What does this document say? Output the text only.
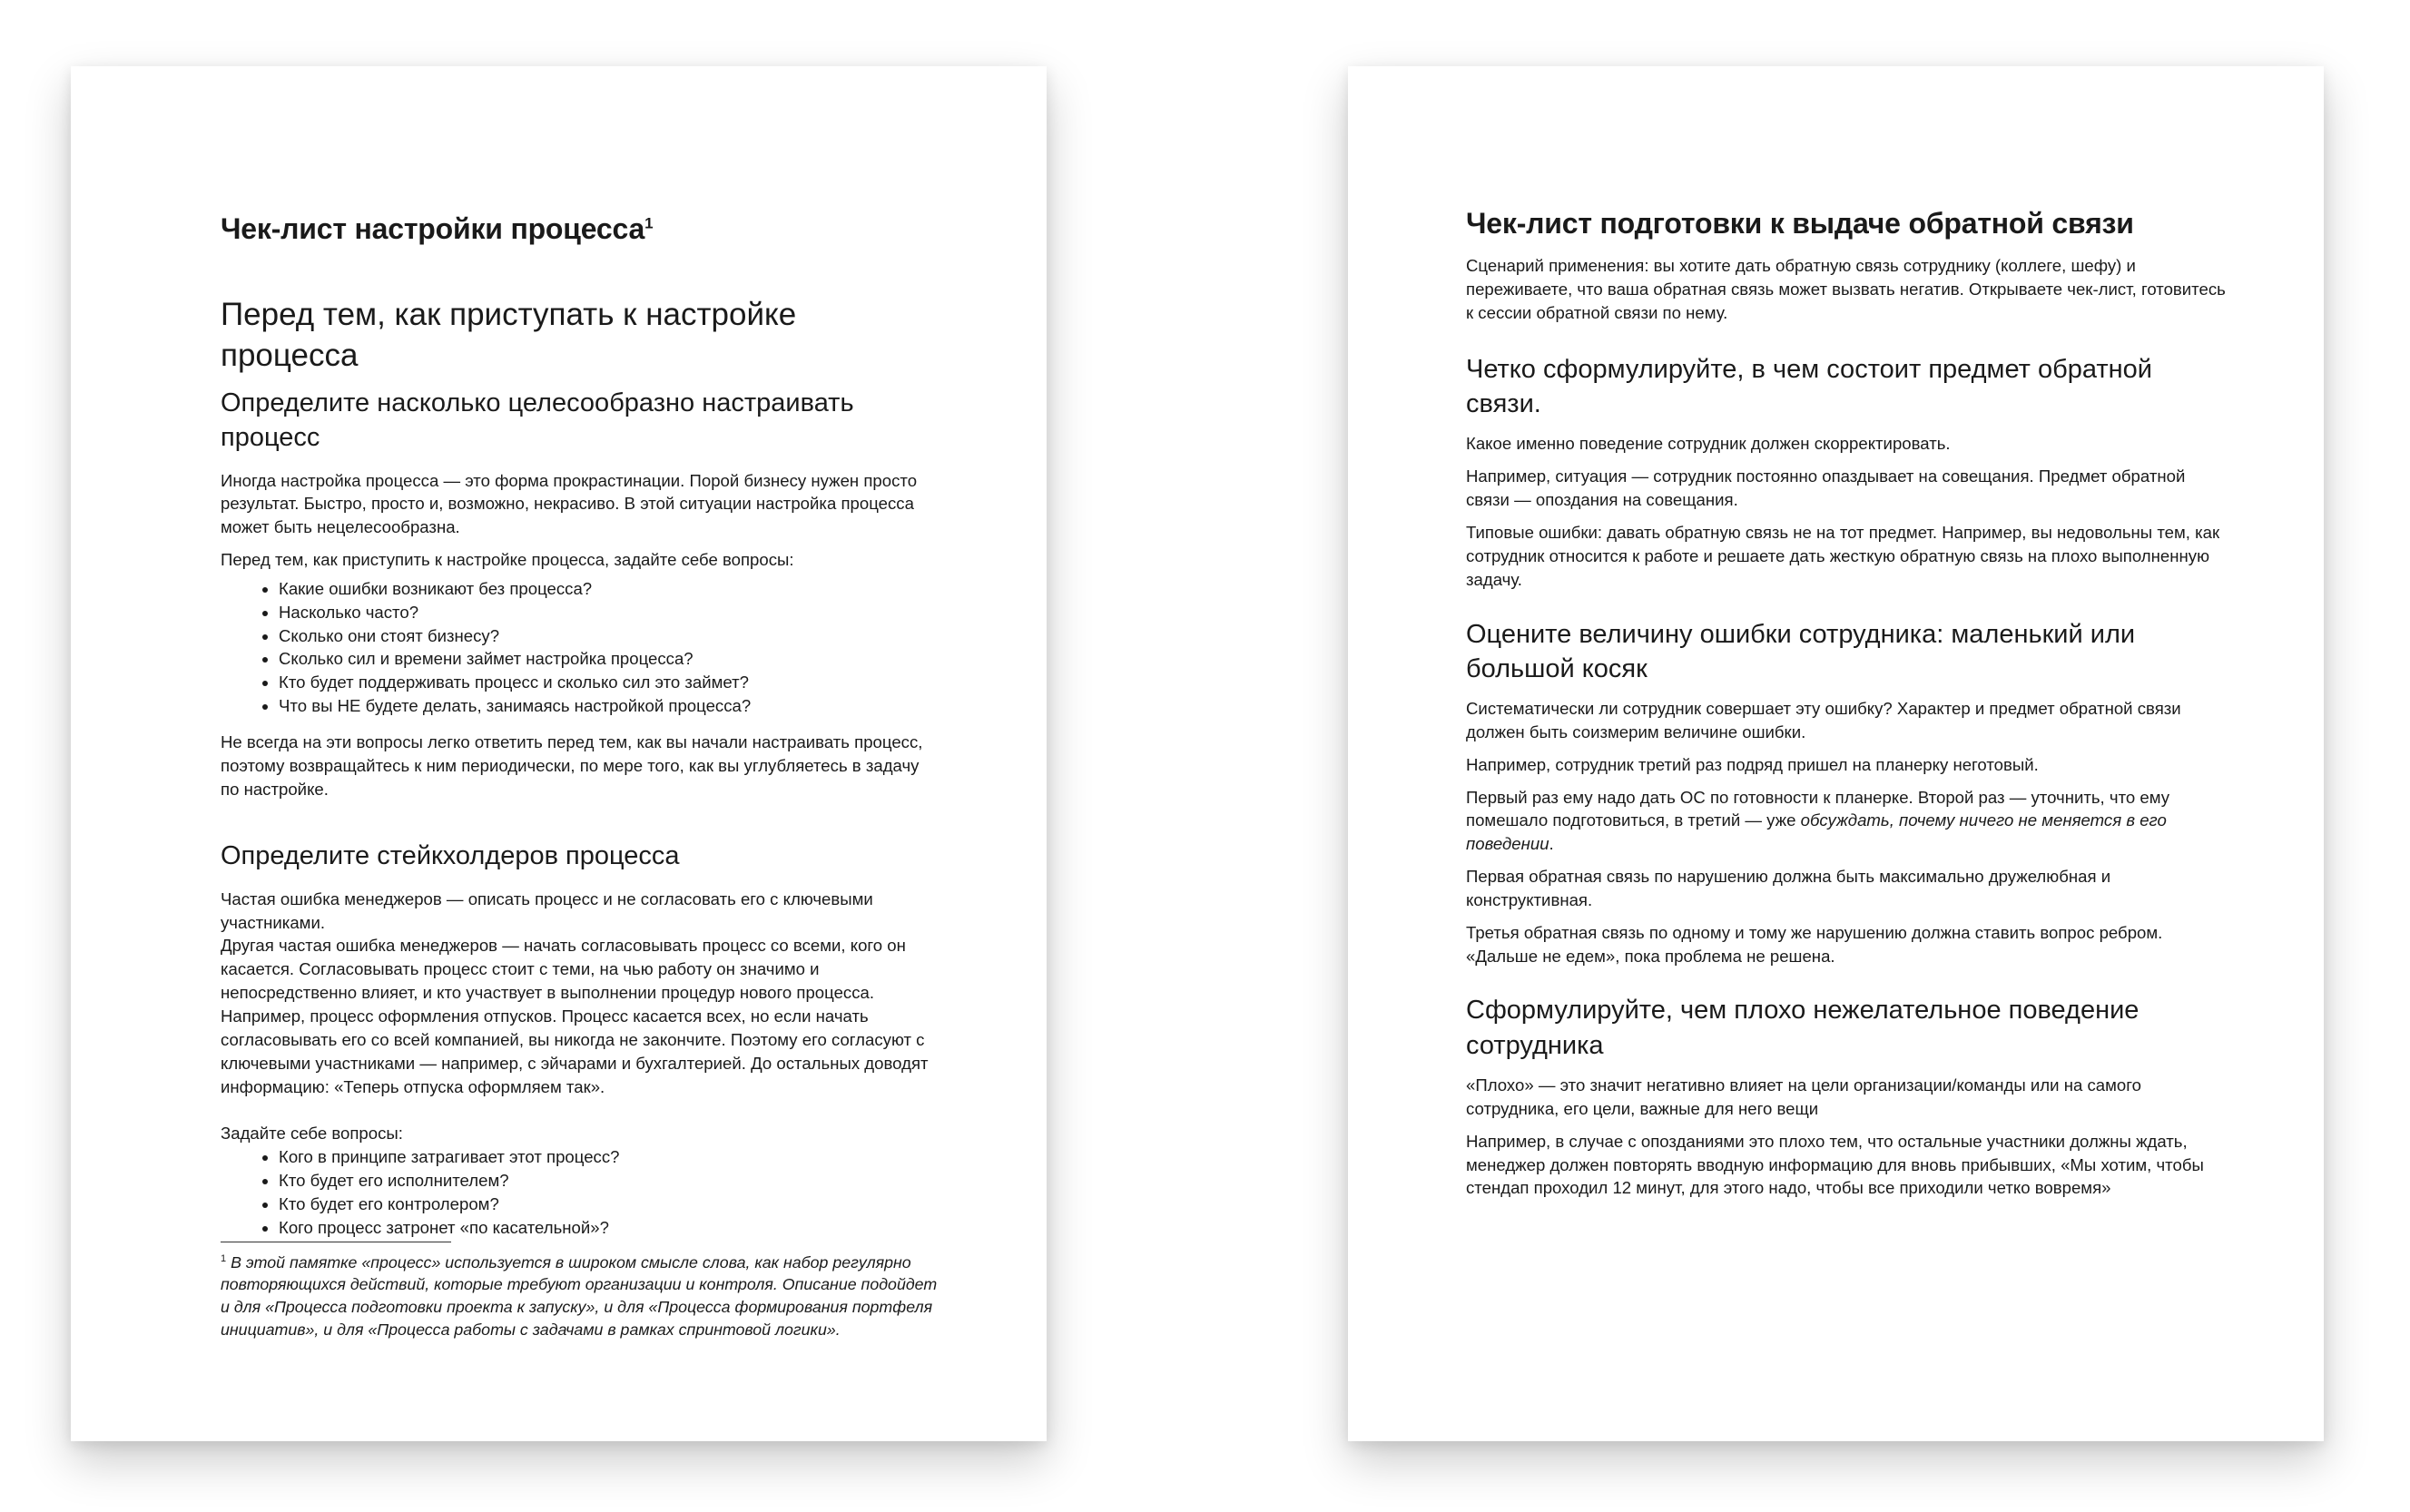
Чек-лист настройки процесса$^1$
Перед тем, как приступать к настройке процесса
Определите насколько целесообразно настраивать процесс

Иногда настройка процесса — это форма прокрастинации. Порой бизнесу нужен просто результат. Быстро, просто и, возможно, некрасиво. В этой ситуации настройка процесса может быть нецелесообразна.

Перед тем, как приступить к настройке процесса, задайте себе вопросы:

• Какие ошибки возникают без процесса?
• Насколько часто?
• Сколько они стоят бизнесу?
• Сколько сил и времени займет настройка процесса?
• Кто будет поддерживать процесс и сколько сил это займет?
• Что вы НЕ будете делать, занимаясь настройкой процесса?

Не всегда на эти вопросы легко ответить перед тем, как вы начали настраивать процесс, поэтому возвращайтесь к ним периодически, по мере того, как вы углубляетесь в задачу по настройке.

Определите стейкхолдеров процесса

Частая ошибка менеджеров — описать процесс и не согласовать его с ключевыми участниками.

Другая частая ошибка менеджеров — начать согласовывать процесс со всеми, кого он касается. Согласовывать процесс стоит с теми, на чью работу он значимо и непосредственно влияет, и кто участвует в выполнении процедур нового процесса. Например, процесс оформления отпусков. Процесс касается всех, но если начать согласовывать его со всей компанией, вы никогда не закончите. Поэтому его согласуют с ключевыми участниками — например, с эйчарами и бухгалтерией. До остальных доводят информацию: «Теперь отпуска оформляем так».

Задайте себе вопросы:

• Кого в принципе затрагивает этот процесс?
• Кто будет его исполнителем?
• Кто будет его контролером?
• Кого процесс затронет «по касательной»?

$^1$ В этой памятке «процесс» используется в широком смысле слова, как набор регулярно повторяющихся действий, которые требуют организации и контроля. Описание подойдет и для «Процесса подготовки проекта к запуску», и для «Процесса формирования портфеля инициатив», и для «Процесса работы с задачами в рамках спринтовой логики».

Чек-лист подготовки к выдаче обратной связи

Сценарий применения: вы хотите дать обратную связь сотруднику (коллеге, шефу) и переживаете, что ваша обратная связь может вызвать негатив. Открываете чек-лист, готовитесь к сессии обратной связи по нему.

Четко сформулируйте, в чем состоит предмет обратной связи.

Какое именно поведение сотрудник должен скорректировать.

Например, ситуация — сотрудник постоянно опаздывает на совещания. Предмет обратной связи — опоздания на совещания.

Типовые ошибки: давать обратную связь не на тот предмет. Например, вы недовольны тем, как сотрудник относится к работе и решаете дать жесткую обратную связь на плохо выполненную задачу.

Оцените величину ошибки сотрудника: маленький или большой косяк

Систематически ли сотрудник совершает эту ошибку? Характер и предмет обратной связи должен быть соизмерим величине ошибки.

Например, сотрудник третий раз подряд пришел на планерку неготовый.

Первый раз ему надо дать ОС по готовности к планерке. Второй раз — уточнить, что ему помешало подготовиться, в третий — уже обсуждать, почему ничего не меняется в его поведении.

Первая обратная связь по нарушению должна быть максимально дружелюбная и конструктивная.

Третья обратная связь по одному и тому же нарушению должна ставить вопрос ребром. «Дальше не едем», пока проблема не решена.

Сформулируйте, чем плохо нежелательное поведение сотрудника

«Плохо» — это значит негативно влияет на цели организации/команды или на самого сотрудника, его цели, важные для него вещи

Например, в случае с опозданиями это плохо тем, что остальные участники должны ждать, менеджер должен повторять вводную информацию для вновь прибывших, «Мы хотим, чтобы стендап проходил 12 минут, для этого надо, чтобы все приходили четко вовремя»
